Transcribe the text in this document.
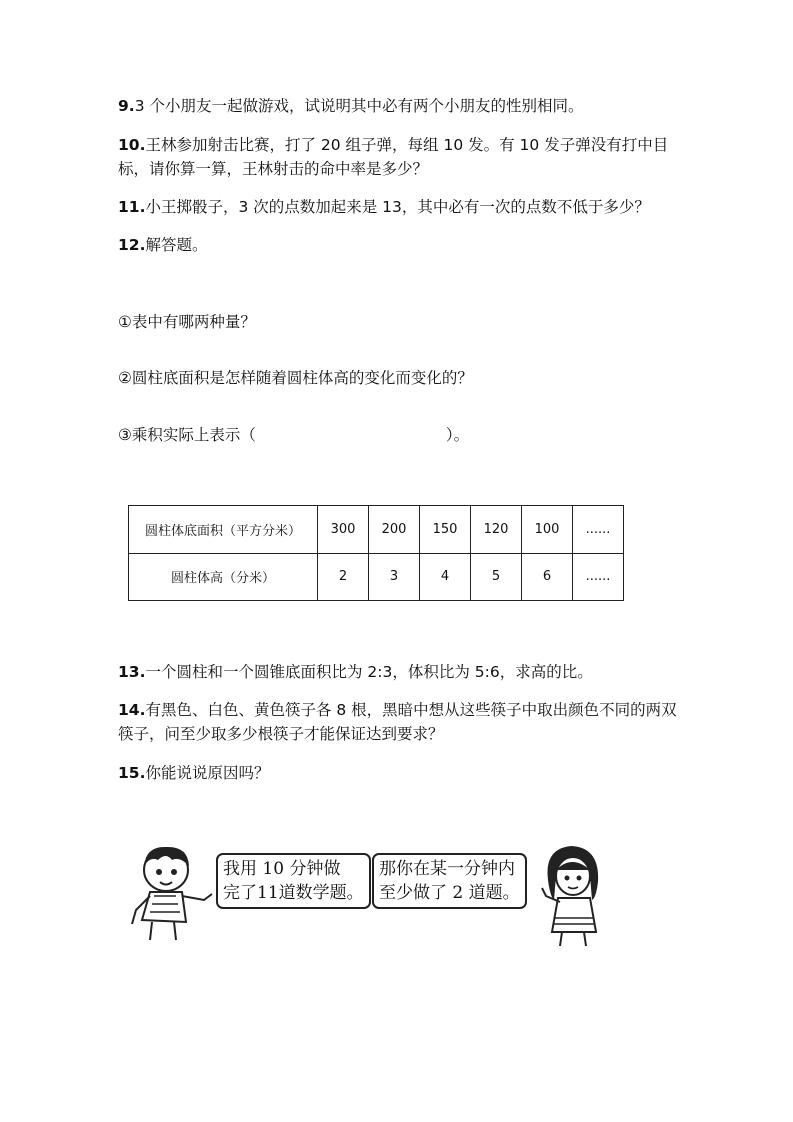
9.3 个小朋友一起做游戏，试说明其中必有两个小朋友的性别相同。
10.王林参加射击比赛，打了 20 组子弹，每组 10 发。有 10 发子弹没有打中目标，请你算一算，王林射击的命中率是多少？
11.小王掷骰子，3 次的点数加起来是 13，其中必有一次的点数不低于多少？
12.解答题。
①表中有哪两种量？
②圆柱底面积是怎样随着圆柱体高的变化而变化的？
③乘积实际上表示（	）。
圆柱体底面积（平方分米）	300	200	150	120	100	......
圆柱体高（分米）	2	3	4	5	6	......
13.一个圆柱和一个圆锥底面积比为 2:3，体积比为 5:6，求高的比。
14.有黑色、白色、黄色筷子各 8 根，黑暗中想从这些筷子中取出颜色不同的两双筷子，问至少取多少根筷子才能保证达到要求？
15.你能说说原因吗？
我用 10 分钟做
完了11道数学题。
那你在某一分钟内
至少做了 2 道题。
